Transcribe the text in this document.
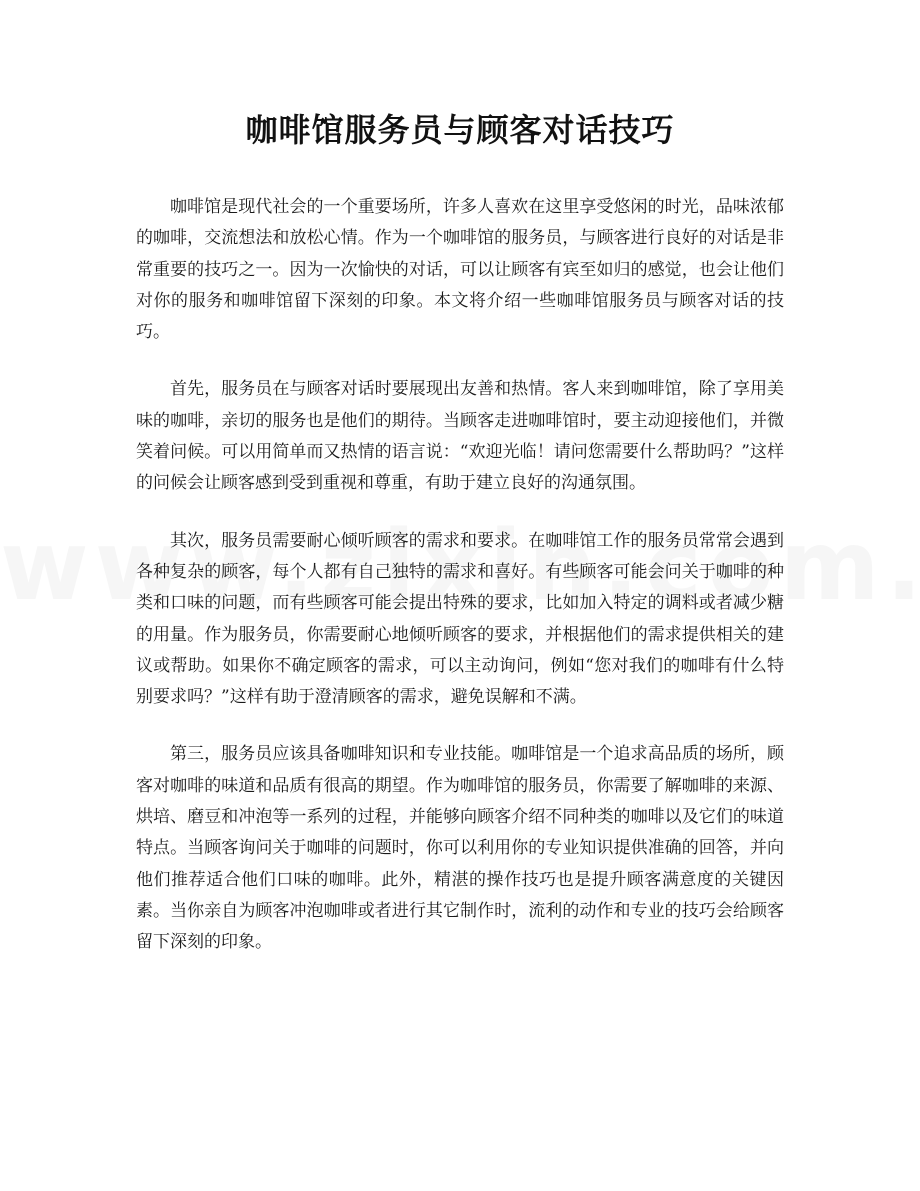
咖啡馆服务员与顾客对话技巧

咖啡馆是现代社会的一个重要场所，许多人喜欢在这里享受悠闲的时光，品味浓郁的咖啡，交流想法和放松心情。作为一个咖啡馆的服务员，与顾客进行良好的对话是非常重要的技巧之一。因为一次愉快的对话，可以让顾客有宾至如归的感觉，也会让他们对你的服务和咖啡馆留下深刻的印象。本文将介绍一些咖啡馆服务员与顾客对话的技巧。

首先，服务员在与顾客对话时要展现出友善和热情。客人来到咖啡馆，除了享用美味的咖啡，亲切的服务也是他们的期待。当顾客走进咖啡馆时，要主动迎接他们，并微笑着问候。可以用简单而又热情的语言说：“欢迎光临！请问您需要什么帮助吗？”这样的问候会让顾客感到受到重视和尊重，有助于建立良好的沟通氛围。

其次，服务员需要耐心倾听顾客的需求和要求。在咖啡馆工作的服务员常常会遇到各种复杂的顾客，每个人都有自己独特的需求和喜好。有些顾客可能会问关于咖啡的种类和口味的问题，而有些顾客可能会提出特殊的要求，比如加入特定的调料或者减少糖的用量。作为服务员，你需要耐心地倾听顾客的要求，并根据他们的需求提供相关的建议或帮助。如果你不确定顾客的需求，可以主动询问，例如“您对我们的咖啡有什么特别要求吗？”这样有助于澄清顾客的需求，避免误解和不满。

第三，服务员应该具备咖啡知识和专业技能。咖啡馆是一个追求高品质的场所，顾客对咖啡的味道和品质有很高的期望。作为咖啡馆的服务员，你需要了解咖啡的来源、烘培、磨豆和冲泡等一系列的过程，并能够向顾客介绍不同种类的咖啡以及它们的味道特点。当顾客询问关于咖啡的问题时，你可以利用你的专业知识提供准确的回答，并向他们推荐适合他们口味的咖啡。此外，精湛的操作技巧也是提升顾客满意度的关键因素。当你亲自为顾客冲泡咖啡或者进行其它制作时，流利的动作和专业的技巧会给顾客留下深刻的印象。
